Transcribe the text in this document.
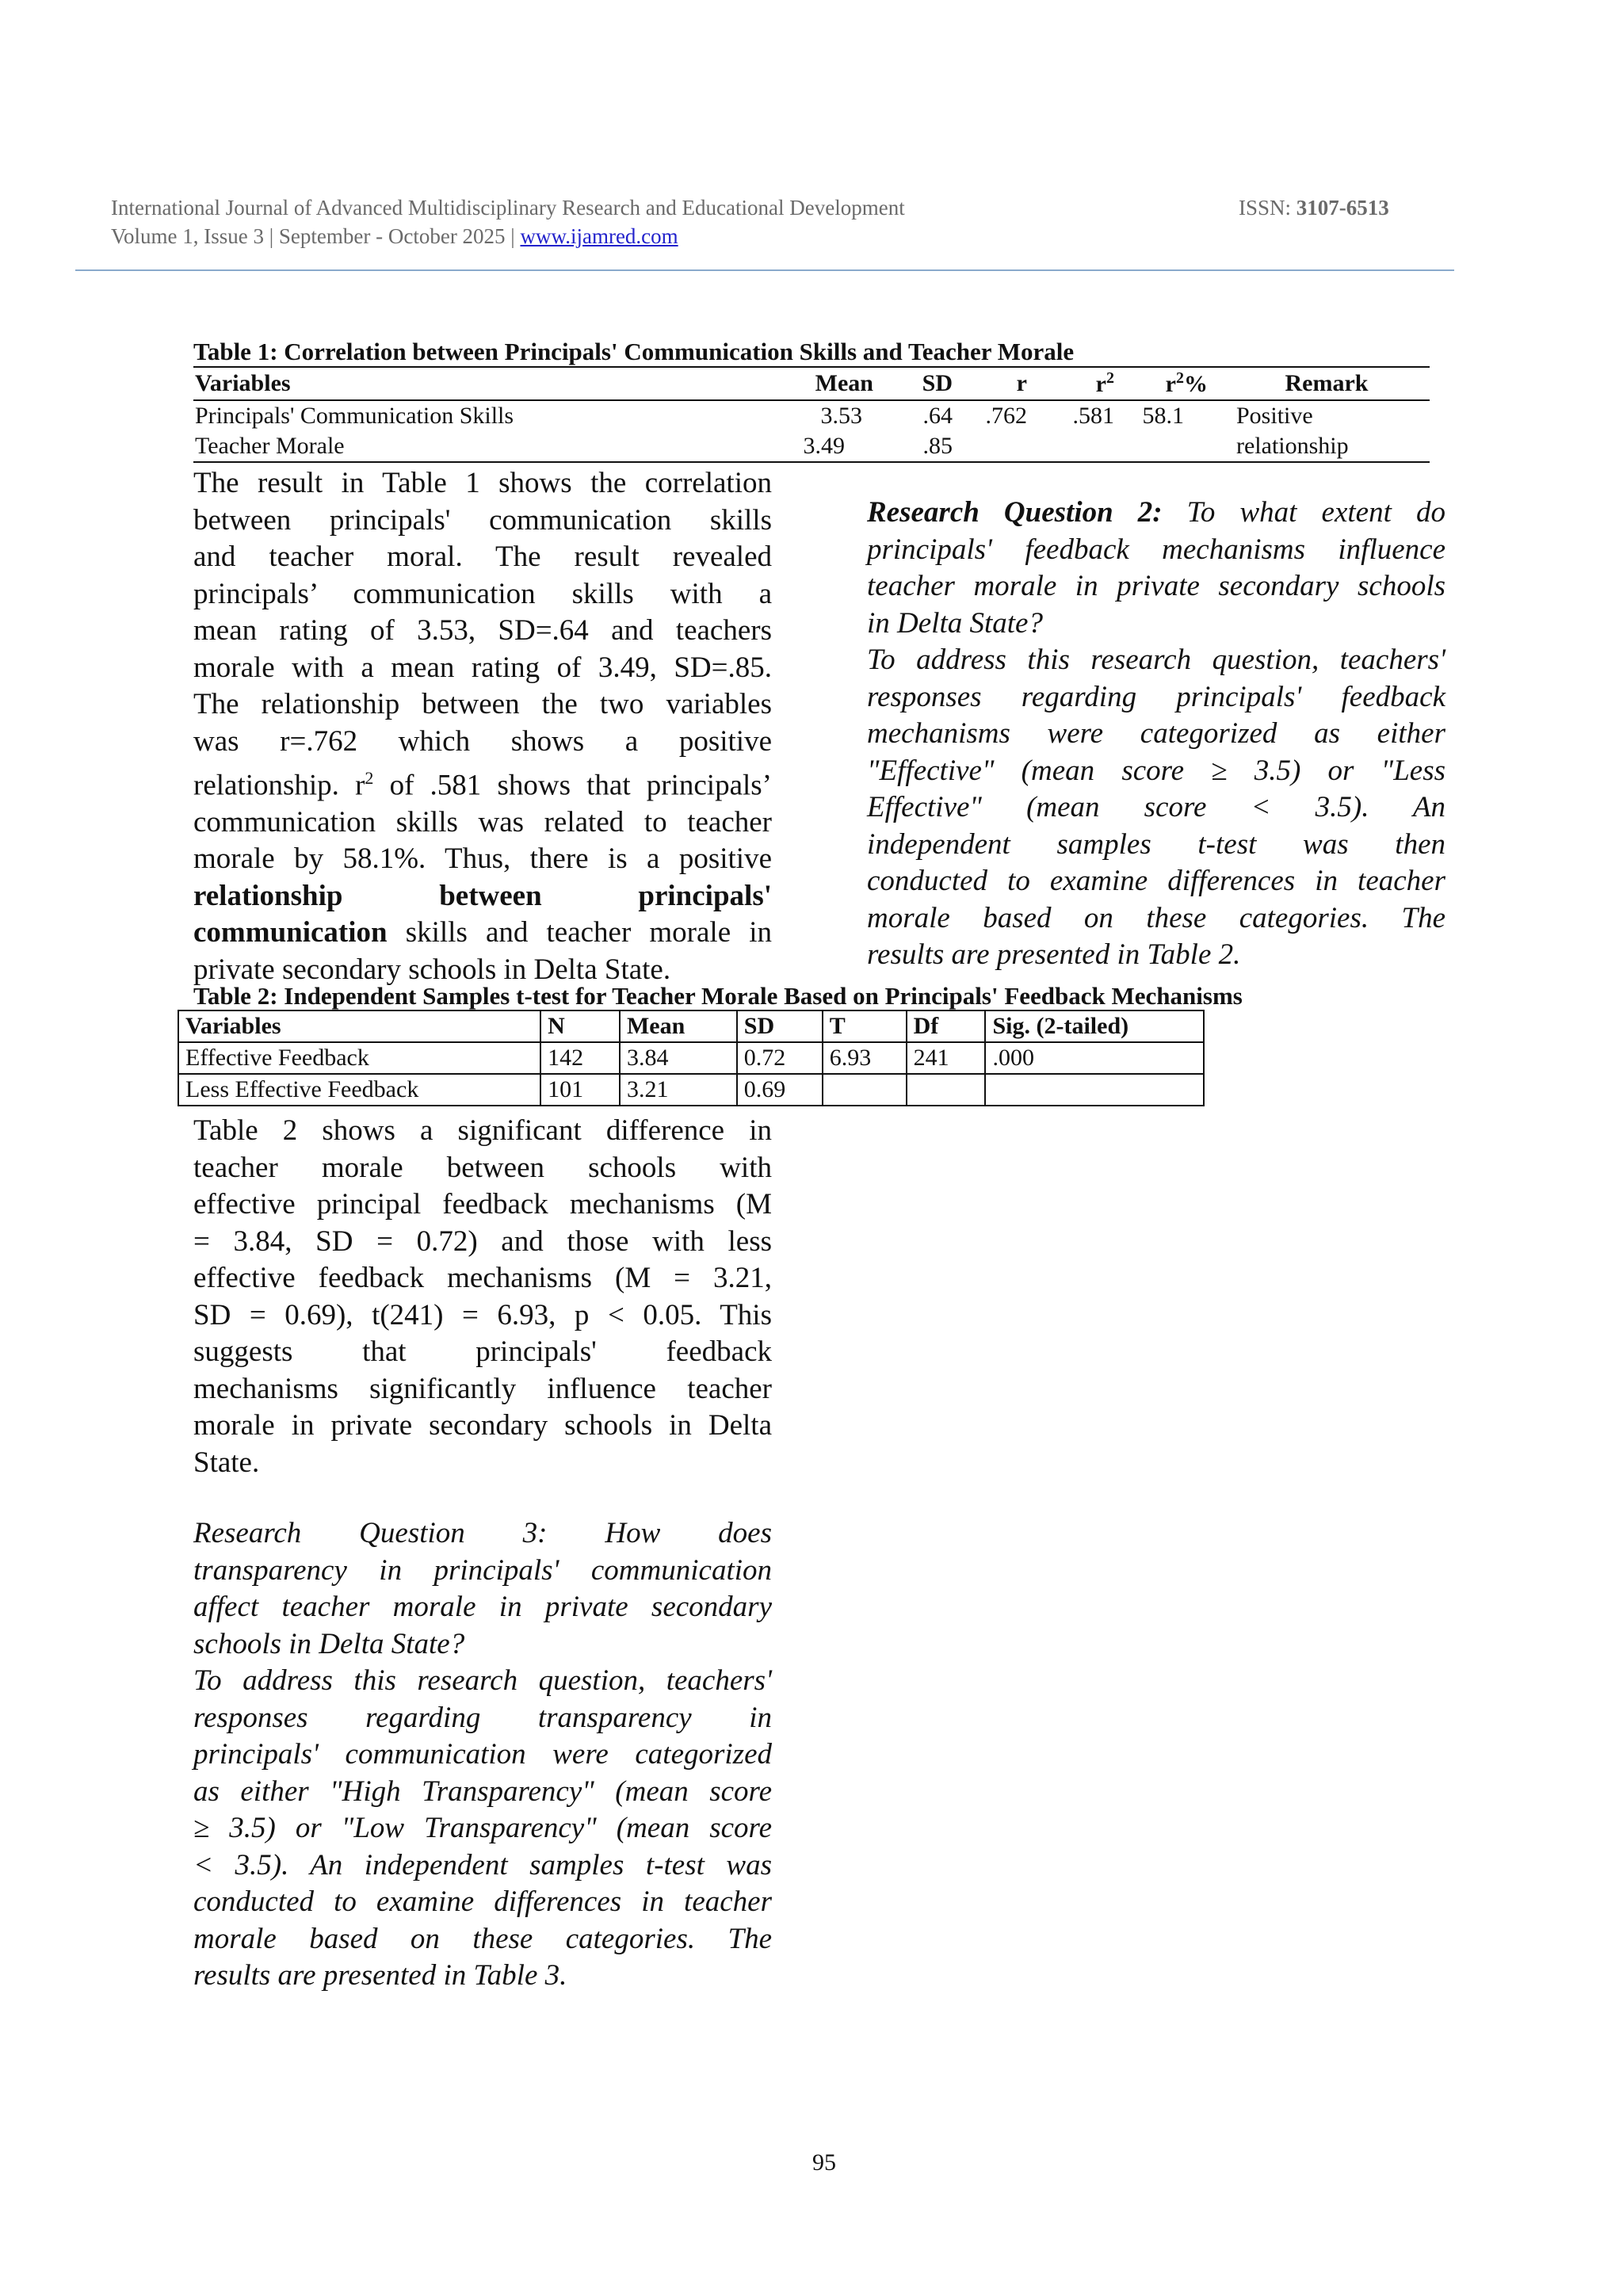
International Journal of Advanced Multidisciplinary Research and Educational Development
Volume 1, Issue 3 | September - October 2025 | www.ijamred.com
ISSN: 3107-6513
Table 1: Correlation between Principals' Communication Skills and Teacher Morale
Variables	Mean	SD	r	$r^2$	$r^2\%$	Remark
Principals' Communication Skills	3.53	.64	.762	.581	58.1	Positive
Teacher Morale	3.49	.85				relationship
The result in Table 1 shows the correlation
between principals' communication skills
and teacher moral. The result revealed
principals’ communication skills with a
mean rating of 3.53, SD=.64 and teachers
morale with a mean rating of 3.49, SD=.85.
The relationship between the two variables
was r=.762 which shows a positive
relationship. $r^2$ of .581 shows that principals’
communication skills was related to teacher
morale by 58.1%. Thus, there is a positive
relationship between principals'
communication skills and teacher morale in
private secondary schools in Delta State.
Research Question 2: To what extent do
principals' feedback mechanisms influence
teacher morale in private secondary schools
in Delta State?
To address this research question, teachers'
responses regarding principals' feedback
mechanisms were categorized as either
"Effective" (mean score ≥ 3.5) or "Less
Effective" (mean score < 3.5). An
independent samples t-test was then
conducted to examine differences in teacher
morale based on these categories. The
results are presented in Table 2.
Table 2: Independent Samples t-test for Teacher Morale Based on Principals' Feedback Mechanisms
Variables	N	Mean	SD	T	Df	Sig. (2-tailed)
Effective Feedback	142	3.84	0.72	6.93	241	.000
Less Effective Feedback	101	3.21	0.69			
Table 2 shows a significant difference in
teacher morale between schools with
effective principal feedback mechanisms (M
= 3.84, SD = 0.72) and those with less
effective feedback mechanisms (M = 3.21,
SD = 0.69), t(241) = 6.93, p < 0.05. This
suggests that principals' feedback
mechanisms significantly influence teacher
morale in private secondary schools in Delta
State.
Research Question 3: How does
transparency in principals' communication
affect teacher morale in private secondary
schools in Delta State?
To address this research question, teachers'
responses regarding transparency in
principals' communication were categorized
as either "High Transparency" (mean score
≥ 3.5) or "Low Transparency" (mean score
< 3.5). An independent samples t-test was
conducted to examine differences in teacher
morale based on these categories. The
results are presented in Table 3.
95
